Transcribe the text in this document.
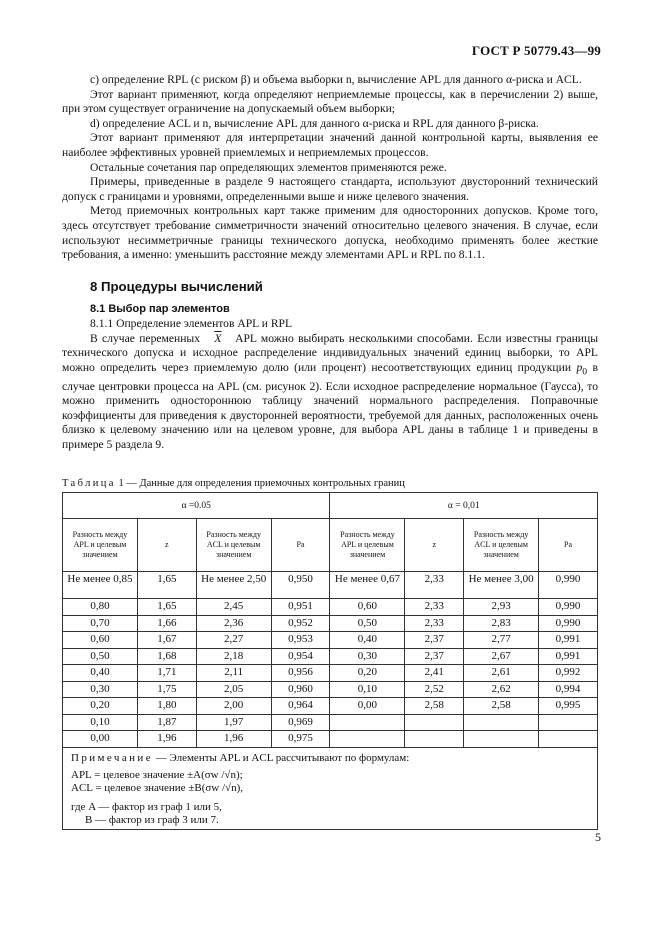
ГОСТ Р 50779.43—99

c) определение RPL (с риском β) и объема выборки n, вычисление APL для данного α-риска и ACL.

Этот вариант применяют, когда определяют неприемлемые процессы, как в перечислении 2) выше, при этом существует ограничение на допускаемый объем выборки;

d) определение ACL и n, вычисление APL для данного α-риска и RPL для данного β-риска.

Этот вариант применяют для интерпретации значений данной контрольной карты, выявления ее наиболее эффективных уровней приемлемых и неприемлемых процессов.

Остальные сочетания пар определяющих элементов применяются реже.

Примеры, приведенные в разделе 9 настоящего стандарта, используют двусторонний технический допуск с границами и уровнями, определенными выше и ниже целевого значения.

Метод приемочных контрольных карт также применим для односторонних допусков. Кроме того, здесь отсутствует требование симметричности значений относительно целевого значения. В случае, если используют несимметричные границы технического допуска, необходимо применять более жесткие требования, а именно: уменьшить расстояние между элементами APL и RPL по 8.1.1.

8 Процедуры вычислений
8.1 Выбор пар элементов

8.1.1 Определение элементов APL и RPL

В случае переменных $\overline{X}$ APL можно выбирать несколькими способами. Если известны границы технического допуска и исходное распределение индивидуальных значений единиц выборки, то APL можно определить через приемлемую долю (или процент) несоответствующих единиц продукции $p_0$ в случае центровки процесса на APL (см. рисунок 2). Если исходное распределение нормальное (Гаусса), то можно применить одностороннюю таблицу значений нормального распределения. Поправочные коэффициенты для приведения к двусторонней вероятности, требуемой для данных, расположенных очень близко к целевому значению или на целевом уровне, для выбора APL даны в таблице 1 и приведены в примере 5 раздела 9.

Таблица 1 — Данные для определения приемочных контрольных границ
α =0.05				α = 0,01			
Разность между APL и целевым значением	z	Разность между ACL и целевым значением	Pa	Разность между APL и целевым значением	z	Разность между ACL и целевым значением	Pa
Не менее 0,85	1,65	Не менее 2,50	0,950	Не менее 0,67	2,33	Не менее 3,00	0,990
0,80	1,65	2,45	0,951	0,60	2,33	2,93	0,990
0,70	1,66	2,36	0,952	0,50	2,33	2,83	0,990
0,60	1,67	2,27	0,953	0,40	2,37	2,77	0,991
0,50	1,68	2,18	0,954	0,30	2,37	2,67	0,991
0,40	1,71	2,11	0,956	0,20	2,41	2,61	0,992
0,30	1,75	2,05	0,960	0,10	2,52	2,62	0,994
0,20	1,80	2,00	0,964	0,00	2,58	2,58	0,995
0,10	1,87	1,97	0,969				
0,00	1,96	1,96	0,975				

Примечание — Элементы APL и ACL рассчитывают по формулам:
APL = целевое значение ±A(σw /√n);
ACL = целевое значение ±B(σw /√n),
где A — фактор из граф 1 или 5,
B — фактор из граф 3 или 7.							
5
